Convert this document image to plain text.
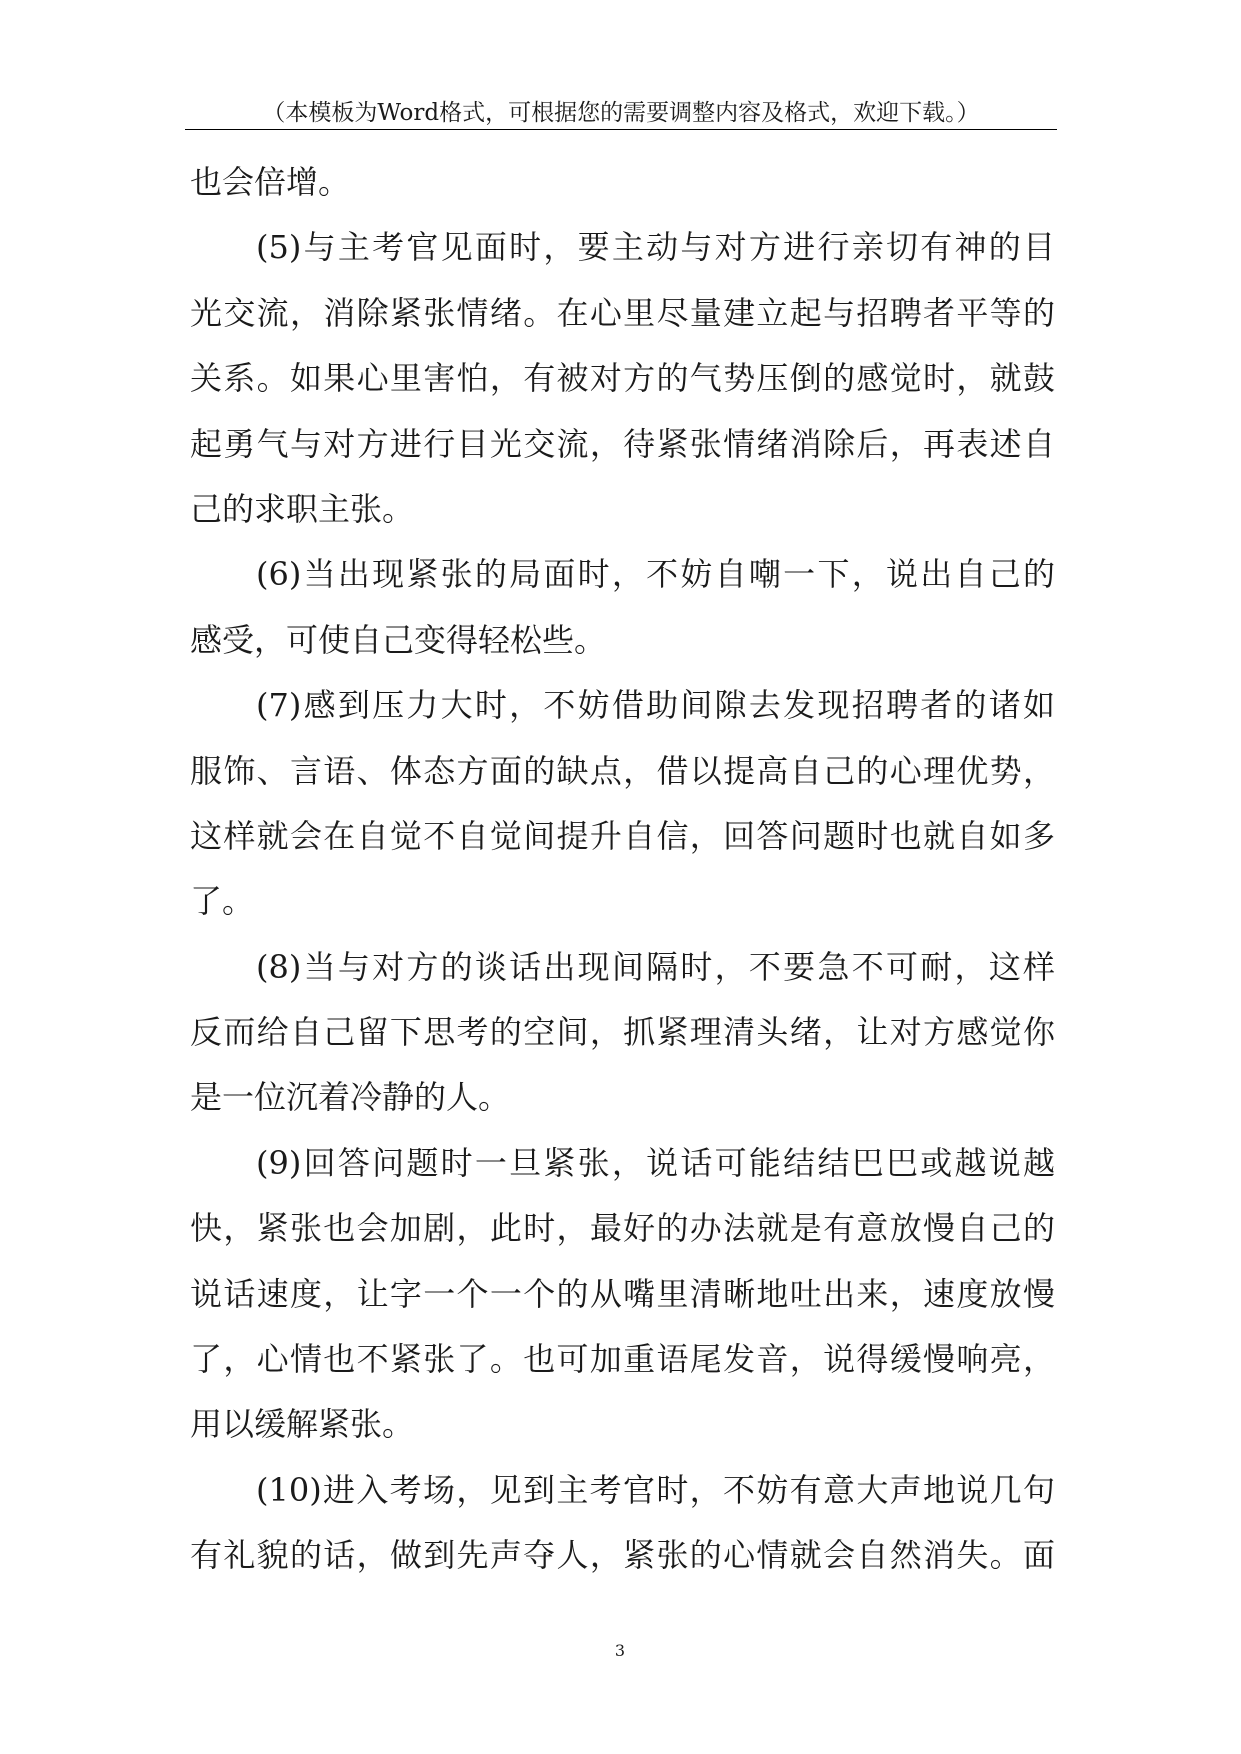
（本模板为Word格式，可根据您的需要调整内容及格式，欢迎下载。）
也会倍增。
(5)与主考官见面时，要主动与对方进行亲切有神的目
光交流，消除紧张情绪。在心里尽量建立起与招聘者平等的
关系。如果心里害怕，有被对方的气势压倒的感觉时，就鼓
起勇气与对方进行目光交流，待紧张情绪消除后，再表述自
己的求职主张。
(6)当出现紧张的局面时，不妨自嘲一下，说出自己的
感受，可使自己变得轻松些。
(7)感到压力大时，不妨借助间隙去发现招聘者的诸如
服饰、言语、体态方面的缺点，借以提高自己的心理优势，
这样就会在自觉不自觉间提升自信，回答问题时也就自如多
了。
(8)当与对方的谈话出现间隔时，不要急不可耐，这样
反而给自己留下思考的空间，抓紧理清头绪，让对方感觉你
是一位沉着冷静的人。
(9)回答问题时一旦紧张，说话可能结结巴巴或越说越
快，紧张也会加剧，此时，最好的办法就是有意放慢自己的
说话速度，让字一个一个的从嘴里清晰地吐出来，速度放慢
了，心情也不紧张了。也可加重语尾发音，说得缓慢响亮，
用以缓解紧张。
(10)进入考场，见到主考官时，不妨有意大声地说几句
有礼貌的话，做到先声夺人，紧张的心情就会自然消失。面
3
